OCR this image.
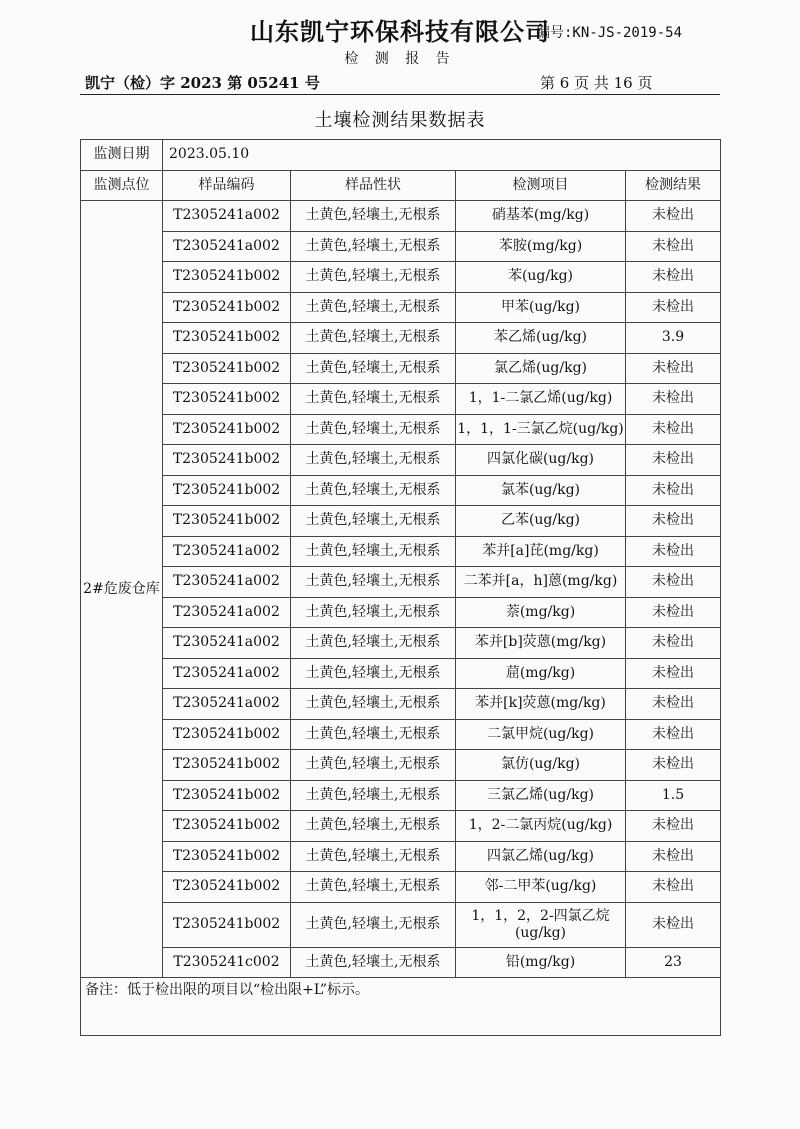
山东凯宁环保科技有限公司
编号:KN-JS-2019-54
检 测 报 告
凯宁（检）字 2023 第 05241 号	第 6 页 共 16 页
土壤检测结果数据表
监测日期	2023.05.10			
监测点位	样品编码	样品性状	检测项目	检测结果
2#危废仓库	T2305241a002	土黄色,轻壤土,无根系	硝基苯(mg/kg)	未检出
	T2305241a002	土黄色,轻壤土,无根系	苯胺(mg/kg)	未检出
	T2305241b002	土黄色,轻壤土,无根系	苯(ug/kg)	未检出
	T2305241b002	土黄色,轻壤土,无根系	甲苯(ug/kg)	未检出
	T2305241b002	土黄色,轻壤土,无根系	苯乙烯(ug/kg)	3.9
	T2305241b002	土黄色,轻壤土,无根系	氯乙烯(ug/kg)	未检出
	T2305241b002	土黄色,轻壤土,无根系	1，1-二氯乙烯(ug/kg)	未检出
	T2305241b002	土黄色,轻壤土,无根系	1，1，1-三氯乙烷(ug/kg)	未检出
	T2305241b002	土黄色,轻壤土,无根系	四氯化碳(ug/kg)	未检出
	T2305241b002	土黄色,轻壤土,无根系	氯苯(ug/kg)	未检出
	T2305241b002	土黄色,轻壤土,无根系	乙苯(ug/kg)	未检出
	T2305241a002	土黄色,轻壤土,无根系	苯并[a]芘(mg/kg)	未检出
	T2305241a002	土黄色,轻壤土,无根系	二苯并[a，h]蒽(mg/kg)	未检出
	T2305241a002	土黄色,轻壤土,无根系	萘(mg/kg)	未检出
	T2305241a002	土黄色,轻壤土,无根系	苯并[b]荧蒽(mg/kg)	未检出
	T2305241a002	土黄色,轻壤土,无根系	䓛(mg/kg)	未检出
	T2305241a002	土黄色,轻壤土,无根系	苯并[k]荧蒽(mg/kg)	未检出
	T2305241b002	土黄色,轻壤土,无根系	二氯甲烷(ug/kg)	未检出
	T2305241b002	土黄色,轻壤土,无根系	氯仿(ug/kg)	未检出
	T2305241b002	土黄色,轻壤土,无根系	三氯乙烯(ug/kg)	1.5
	T2305241b002	土黄色,轻壤土,无根系	1，2-二氯丙烷(ug/kg)	未检出
	T2305241b002	土黄色,轻壤土,无根系	四氯乙烯(ug/kg)	未检出
	T2305241b002	土黄色,轻壤土,无根系	邻-二甲苯(ug/kg)	未检出
	T2305241b002	土黄色,轻壤土,无根系	1，1，2，2-四氯乙烷(ug/kg)	未检出
	T2305241c002	土黄色,轻壤土,无根系	铅(mg/kg)	23
备注：低于检出限的项目以“检出限+L”标示。				
